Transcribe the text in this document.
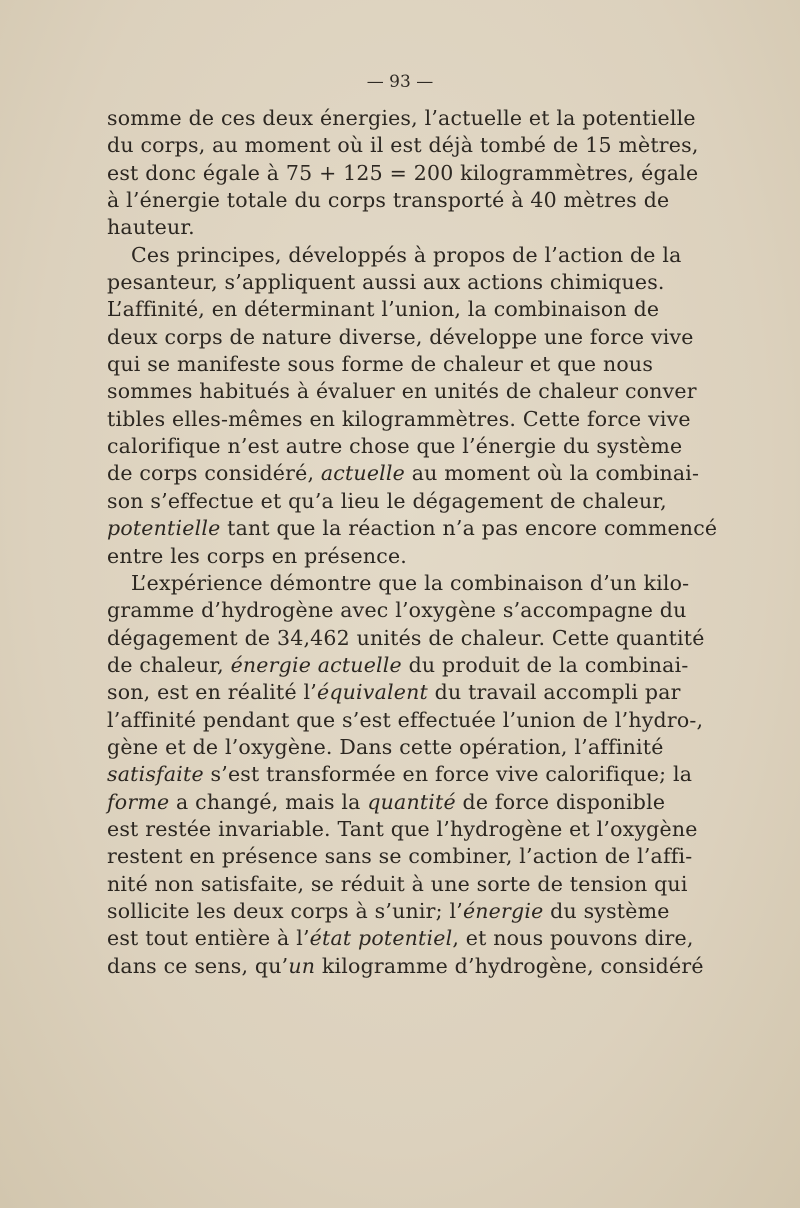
— 93 —
somme de ces deux énergies, l’actuelle et la potentielle
du corps, au moment où il est déjà tombé de 15 mètres,
est donc égale à 75 + 125 = 200 kilogrammètres, égale
à l’énergie totale du corps transporté à 40 mètres de
hauteur.
Ces principes, développés à propos de l’action de la
pesanteur, s’appliquent aussi aux actions chimiques.
L’affinité, en déterminant l’union, la combinaison de
deux corps de nature diverse, développe une force vive
qui se manifeste sous forme de chaleur et que nous
sommes habitués à évaluer en unités de chaleur conver
tibles elles-mêmes en kilogrammètres. Cette force vive
calorifique n’est autre chose que l’énergie du système
de corps considéré, actuelle au moment où la combinai-
son s’effectue et qu’a lieu le dégagement de chaleur,
potentielle tant que la réaction n’a pas encore commencé
entre les corps en présence.
L’expérience démontre que la combinaison d’un kilo-
gramme d’hydrogène avec l’oxygène s’accompagne du
dégagement de 34,462 unités de chaleur. Cette quantité
de chaleur, énergie actuelle du produit de la combinai-
son, est en réalité l’équivalent du travail accompli par
l’affinité pendant que s’est effectuée l’union de l’hydro-,
gène et de l’oxygène. Dans cette opération, l’affinité
satisfaite s’est transformée en force vive calorifique; la
forme a changé, mais la quantité de force disponible
est restée invariable. Tant que l’hydrogène et l’oxygène
restent en présence sans se combiner, l’action de l’affi-
nité non satisfaite, se réduit à une sorte de tension qui
sollicite les deux corps à s’unir; l’énergie du système
est tout entière à l’état potentiel, et nous pouvons dire,
dans ce sens, qu’un kilogramme d’hydrogène, considéré
